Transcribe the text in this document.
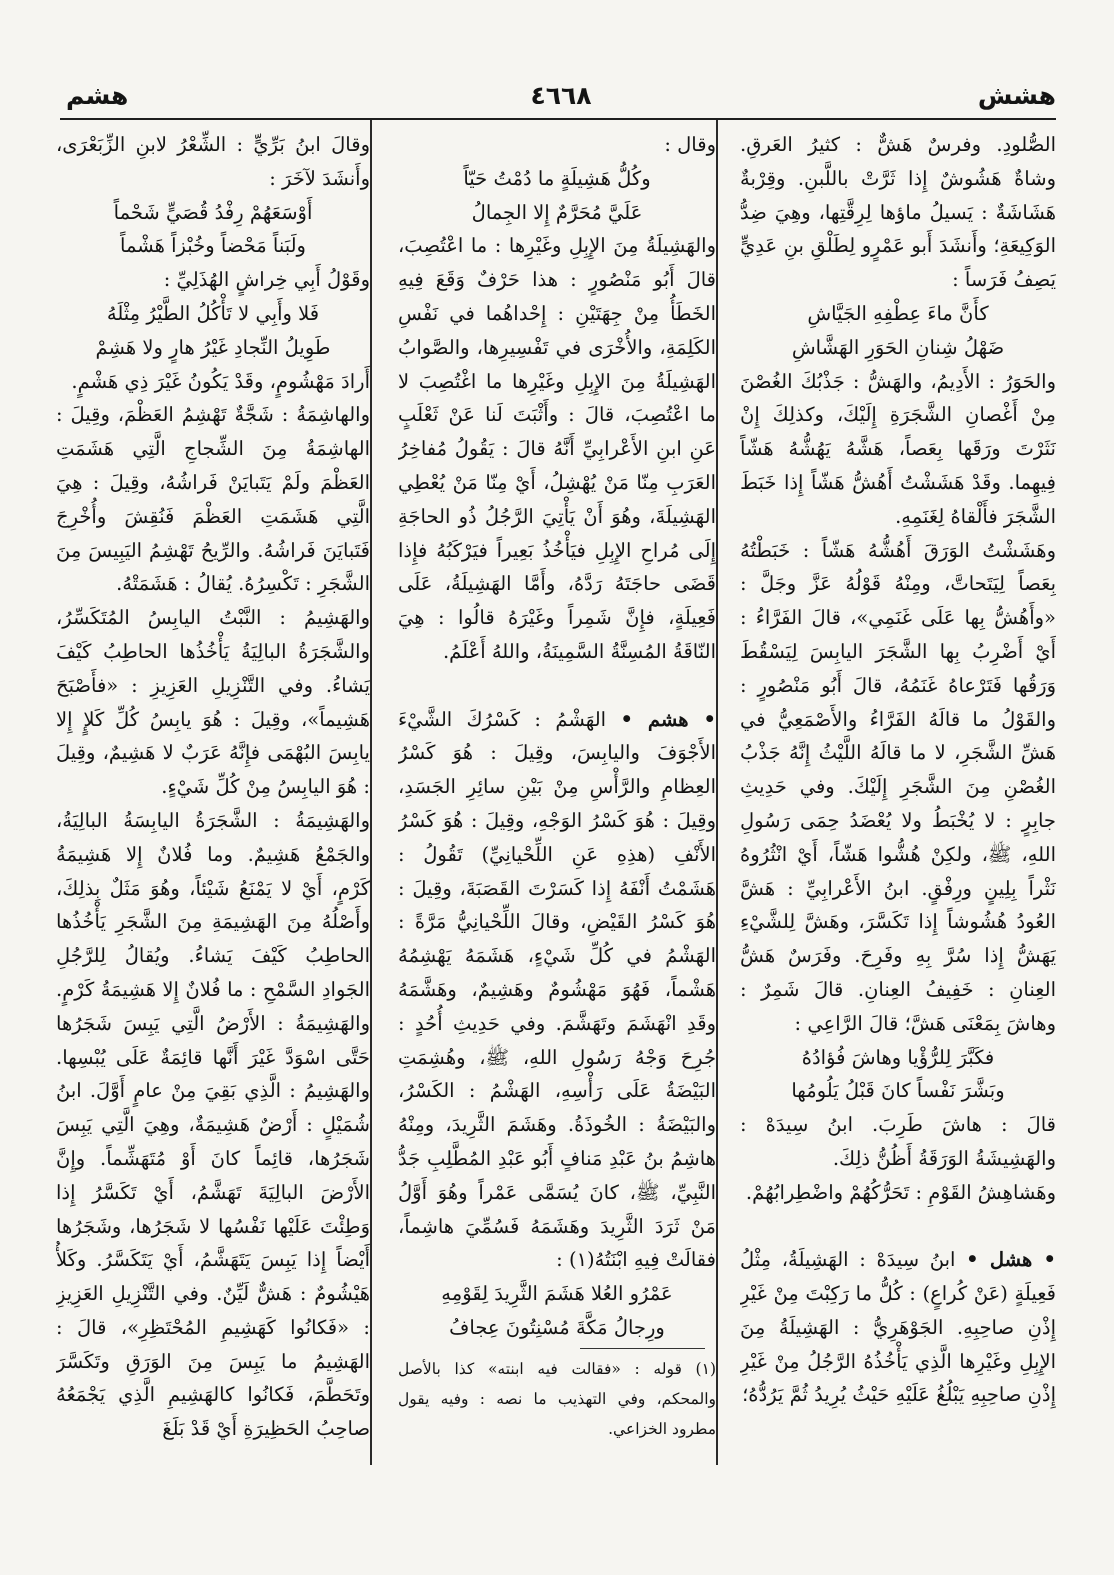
هشش
٤٦٦٨
هشم

الصُّلودِ. وفرسٌ هَشٌّ : كثيرُ العَرقِ. وشاةٌ هَشُوشٌ إِذا ثَرَّتْ باللَّبنِ. وقِرْبةٌ هَشَاشَةٌ : يَسيلُ ماؤها لِرِقَّتِها، وهِيَ ضِدُّ الوَكِيعَةِ؛ وأَنشَدَ أَبو عَمْرٍو لِطَلْقِ بنِ عَدِيٍّ يَصِفُ فَرَساً :

كأَنَّ ماءَ عِطْفِهِ الجَيَّاشِ

ضَهْلُ شِنانِ الحَوَرِ الهَشَّاشِ

والحَوَرُ : الأَدِيمُ، والهَشُّ : جَذْبُكَ الغُصْنَ مِنْ أَغْصانِ الشَّجَرَةِ إِلَيْكَ، وكذلِكَ إِنْ نَثَرْتَ ورَقَها بِعَصاً، هَشَّهُ يَهُشُّهُ هَشّاً فِيهِما. وقَدْ هَشَشْتُ أَهُشُّ هَشّاً إِذا خَبَطَ الشَّجَرَ فأَلْقاهُ لِغَنَمِهِ.

وهَشَشْتُ الوَرَقَ أَهُشُّهُ هَشّاً : خَبَطْتُهُ بِعَصاً لِيَتَحاتَّ، ومِنْهُ قَوْلُهُ عَزَّ وجَلَّ : «وأَهُشُّ بِها عَلَى غَنَمِي»، قالَ الفَرَّاءُ : أَيْ أَضْرِبُ بِها الشَّجَرَ اليابِسَ لِيَسْقُطَ وَرَقُها فَتَرْعاهُ غَنَمُهُ، قالَ أَبُو مَنْصُورٍ : والقَوْلُ ما قالَهُ الفَرَّاءُ والأَصْمَعِيُّ في هَشِّ الشَّجَرِ، لا ما قالَهُ اللَّيْثُ إِنَّهُ جَذْبُ الغُصْنِ مِنَ الشَّجَرِ إِلَيْكَ. وفي حَدِيثِ جابِرٍ : لا يُخْبَطُ ولا يُعْضَدُ حِمَى رَسُولِ اللهِ، ﷺ، ولكِنْ هُشُّوا هَشّاً، أَيْ انْثُرُوهُ نَثْراً بِلِينٍ ورِفْقٍ. ابنُ الأَعْرابِيِّ : هَشَّ العُودُ هُشُوشاً إِذا تَكَسَّرَ، وهَشَّ لِلشَّيْءِ يَهَشُّ إِذا سُرَّ بِهِ وفَرِحَ. وفَرَسٌ هَشُّ العِنانِ : خَفِيفُ العِنانِ. قالَ شَمِرٌ : وهاشَ بِمَعْنَى هَشَّ؛ قالَ الرَّاعِي :

فكَبَّرَ لِلرُّؤْيا وهاشَ فُؤادُهُ

وبَشَّرَ نَفْساً كانَ قَبْلُ يَلُومُها

قالَ : هاشَ طَرِبَ. ابنُ سِيدَهْ : والهَشِيشَةُ الوَرَقَةُ أَظُنُّ ذلِكَ.

وهَشاهِشُ القَوْمِ : تَحَرُّكُهُمْ واضْطِرابُهُمْ.

• هشل • ابنُ سِيدَهْ : الهَشِيلَةُ، مِثْلُ فَعِيلَةٍ (عَنْ كُراعٍ) : كُلُّ ما رَكِبْتَ مِنْ غَيْرِ إِذْنِ صاحِبِهِ. الجَوْهَرِيُّ : الهَشِيلَةُ مِنَ الإِبِلِ وغَيْرِها الَّذِي يَأْخُذُهُ الرَّجُلُ مِنْ غَيْرِ إِذْنِ صاحِبِهِ يَبْلُغُ عَلَيْهِ حَيْثُ يُرِيدُ ثُمَّ يَرُدُّهُ؛

وقال :

وكُلُّ هَشِيلَةٍ ما دُمْتُ حَيّاً

عَلَيَّ مُحَرَّمٌ إِلا الجِمالُ

والهَشِيلَةُ مِنَ الإِبِلِ وغَيْرِها : ما اعْتُصِبَ، قالَ أَبُو مَنْصُورٍ : هذا حَرْفٌ وَقَعَ فِيهِ الخَطَأُ مِنْ جِهَتَيْنِ : إِحْداهُما في نَفْسِ الكَلِمَةِ، والأُخْرَى في تَفْسِيرِها، والصَّوابُ الهَشِيلَةُ مِنَ الإِبِلِ وغَيْرِها ما اغْتُصِبَ لا ما اعْتُصِبَ، قالَ : وأَثْبَتَ لَنا عَنْ ثَعْلَبٍ عَنِ ابنِ الأَعْرابِيِّ أَنَّهُ قالَ : يَقُولُ مُفاخِرُ العَرَبِ مِنّا مَنْ يُهْشِلُ، أَيْ مِنّا مَنْ يُعْطِي الهَشِيلَةَ، وهُوَ أَنْ يَأْتِيَ الرَّجُلُ ذُو الحاجَةِ إِلَى مُراحِ الإِبِلِ فيَأْخُذُ بَعِيراً فيَرْكَبُهُ فإِذا قَضَى حاجَتَهُ رَدَّهُ، وأَمَّا الهَشِيلَةُ، عَلَى فَعِيلَةٍ، فإِنَّ شَمِراً وغَيْرَهُ قالُوا : هِيَ النّاقَةُ المُسِنَّةُ السَّمِينَةُ، واللهُ أَعْلَمُ.

• هشم • الهَشْمُ : كَسْرُكَ الشَّيْءَ الأَجْوَفَ واليابِسَ، وقِيلَ : هُوَ كَسْرُ العِظامِ والرَّأْسِ مِنْ بَيْنِ سائِرِ الجَسَدِ، وقِيلَ : هُوَ كَسْرُ الوَجْهِ، وقِيلَ : هُوَ كَسْرُ الأَنْفِ (هذِهِ عَنِ اللِّحْيانِيِّ) تَقُولُ : هَشَمْتُ أَنْفَهُ إِذا كَسَرْتَ القَصَبَةَ، وقِيلَ : هُوَ كَسْرُ القَيْضِ، وقالَ اللِّحْيانِيُّ مَرَّةً : الهَشْمُ في كُلِّ شَيْءٍ، هَشَمَهُ يَهْشِمُهُ هَشْماً، فَهُوَ مَهْشُومٌ وهَشِيمٌ، وهَشَّمَهُ وقَدِ انْهَشَمَ وتَهَشَّمَ. وفي حَدِيثِ أُحُدٍ : جُرِحَ وَجْهُ رَسُولِ اللهِ، ﷺ، وهُشِمَتِ البَيْضَةُ عَلَى رَأْسِهِ، الهَشْمُ : الكَسْرُ، والبَيْضَةُ : الخُوذَةُ. وهَشَمَ الثَّرِيدَ، ومِنْهُ هاشِمُ بنُ عَبْدِ مَنافٍ أَبُو عَبْدِ المُطَّلِبِ جَدُّ النَّبِيِّ، ﷺ، كانَ يُسَمَّى عَمْراً وهُوَ أَوَّلُ مَنْ ثَرَدَ الثَّرِيدَ وهَشَمَهُ فَسُمِّيَ هاشِماً، فقالَتْ فِيهِ ابْنَتُهُ(١) :

عَمْرُو العُلا هَشَمَ الثَّرِيدَ لِقَوْمِهِ

ورِجالُ مَكَّةَ مُسْنِتُونَ عِجافُ

وقالَ ابنُ بَرِّيٍّ : الشِّعْرُ لابنِ الزِّبَعْرَى، وأَنشَدَ لآخَرَ :

أَوْسَعَهُمْ رِفْدُ قُصَيٍّ شَحْماً

ولَبَناً مَحْضاً وخُبْزاً هَشْماً

وقَوْلُ أَبِي خِراشٍ الهُذَلِيِّ :

فَلا وأَبِي لا تَأْكُلُ الطَّيْرُ مِثْلَهُ

طَوِيلُ النِّجادِ غَيْرُ هارٍ ولا هَشِمْ

أَرادَ مَهْشُومٍ، وقَدْ يَكُونُ غَيْرَ ذِي هَشْمٍ.

والهاشِمَةُ : شَجَّةٌ تَهْشِمُ العَظْمَ، وقِيلَ : الهاشِمَةُ مِنَ الشِّجاجِ الَّتِي هَشَمَتِ العَظْمَ ولَمْ يَتَبايَنْ فَراشُهُ، وقِيلَ : هِيَ الَّتِي هَشَمَتِ العَظْمَ فَنُقِشَ وأُخْرِجَ فَتَبايَنَ فَراشُهُ. والرِّيحُ تَهْشِمُ اليَبِيسَ مِنَ الشَّجَرِ : تَكْسِرُهُ. يُقالُ : هَشَمَتْهُ.

والهَشِيمُ : النَّبْتُ اليابِسُ المُتَكَسِّرُ، والشَّجَرَةُ البالِيَةُ يَأْخُذُها الحاطِبُ كَيْفَ يَشاءُ. وفي التَّنْزِيلِ العَزِيزِ : «فأَصْبَحَ هَشِيماً»، وقِيلَ : هُوَ يابِسُ كُلِّ كَلإٍ إِلا يابِسَ البُهْمَى فإِنَّهُ عَرَبٌ لا هَشِيمٌ، وقِيلَ : هُوَ اليابِسُ مِنْ كُلِّ شَيْءٍ.

والهَشِيمَةُ : الشَّجَرَةُ اليابِسَةُ البالِيَةُ، والجَمْعُ هَشِيمٌ. وما فُلانٌ إِلا هَشِيمَةُ كَرْمٍ، أَيْ لا يَمْنَعُ شَيْئاً، وهُوَ مَثَلٌ بِذلِكَ، وأَصْلُهُ مِنَ الهَشِيمَةِ مِنَ الشَّجَرِ يَأْخُذُها الحاطِبُ كَيْفَ يَشاءُ. ويُقالُ لِلرَّجُلِ الجَوادِ السَّمْحِ : ما فُلانٌ إِلا هَشِيمَةُ كَرْمٍ. والهَشِيمَةُ : الأَرْضُ الَّتِي يَبِسَ شَجَرُها حَتَّى اسْوَدَّ غَيْرَ أَنَّها قائِمَةٌ عَلَى يُبْسِها. والهَشِيمُ : الَّذِي بَقِيَ مِنْ عامٍ أَوَّلَ. ابنُ شُمَيْلٍ : أَرْضٌ هَشِيمَةٌ، وهِيَ الَّتِي يَبِسَ شَجَرُها، قائِماً كانَ أَوْ مُتَهَشِّماً. وإِنَّ الأَرْضَ البالِيَةَ تَهَشَّمُ، أَيْ تَكَسَّرُ إِذا وَطِئْتَ عَلَيْها نَفْسُها لا شَجَرُها، وشَجَرُها أَيْضاً إِذا يَبِسَ يَتَهَشَّمُ، أَيْ يَتَكَسَّرُ. وكَلأٌ هَيْشُومٌ : هَشٌّ لَيِّنٌ. وفي التَّنْزِيلِ العَزِيزِ : «فَكانُوا كَهَشِيمِ المُحْتَظِرِ»، قالَ : الهَشِيمُ ما يَبِسَ مِنَ الوَرَقِ وتَكَسَّرَ وتَحَطَّمَ، فَكانُوا كالهَشِيمِ الَّذِي يَجْمَعُهُ صاحِبُ الحَظِيرَةِ أَيْ قَدْ بَلَغَ

(١) قوله : «فقالت فيه ابنته» كذا بالأصل والمحكم، وفي التهذيب ما نصه : وفيه يقول مطرود الخزاعي.
